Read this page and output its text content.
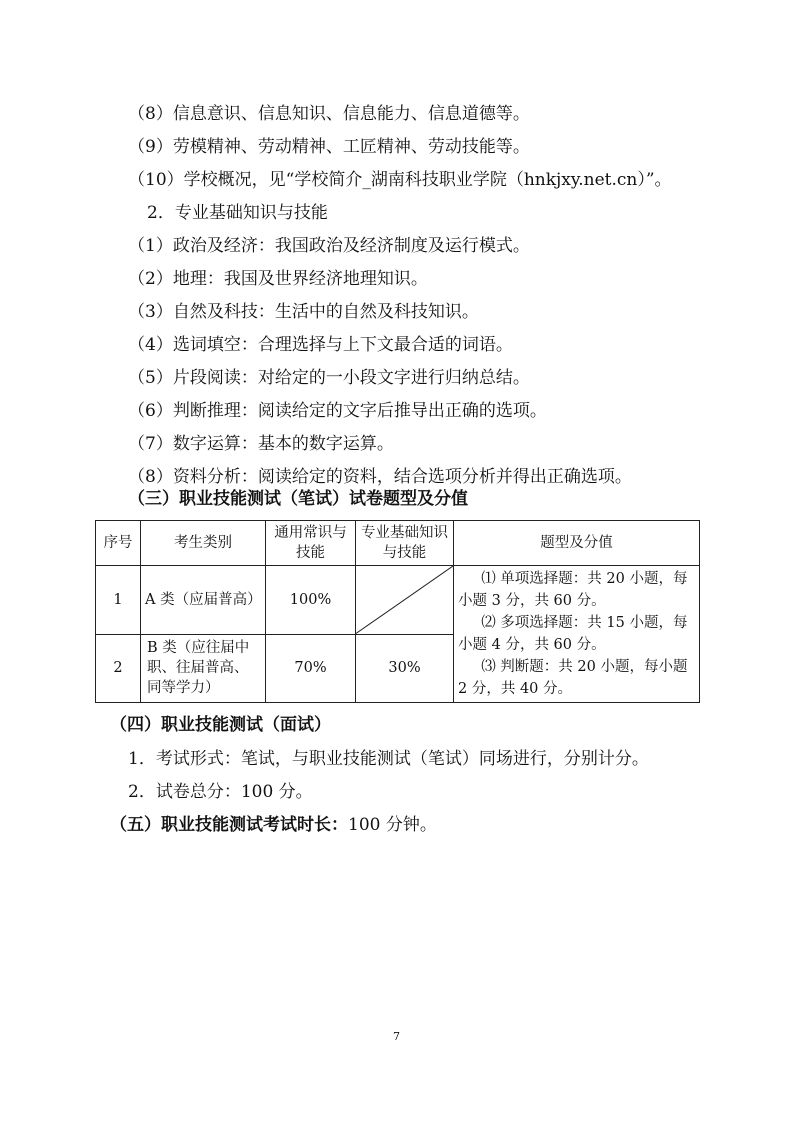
（8）信息意识、信息知识、信息能力、信息道德等。
（9）劳模精神、劳动精神、工匠精神、劳动技能等。
（10）学校概况，见“学校简介_湖南科技职业学院（hnkjxy.net.cn）”。
2．专业基础知识与技能
（1）政治及经济：我国政治及经济制度及运行模式。
（2）地理：我国及世界经济地理知识。
（3）自然及科技：生活中的自然及科技知识。
（4）选词填空：合理选择与上下文最合适的词语。
（5）片段阅读：对给定的一小段文字进行归纳总结。
（6）判断推理：阅读给定的文字后推导出正确的选项。
（7）数字运算：基本的数字运算。
（8）资料分析：阅读给定的资料，结合选项分析并得出正确选项。
（三）职业技能测试（笔试）试卷题型及分值
序号	考生类别	通用常识与技能	专业基础知识与技能	题型及分值
1	A 类（应届普高）	100%		⑴ 单项选择题：共 20 小题，每小题 3 分，共 60 分。
⑵ 多项选择题：共 15 小题，每小题 4 分，共 60 分。
⑶ 判断题：共 20 小题，每小题 2 分，共 40 分。

2	B 类（应往届中职、往届普高、同等学力）	70%	30%	
（四）职业技能测试（面试）
1．考试形式：笔试，与职业技能测试（笔试）同场进行，分别计分。
2．试卷总分：100 分。
（五）职业技能测试考试时长：100 分钟。
7
